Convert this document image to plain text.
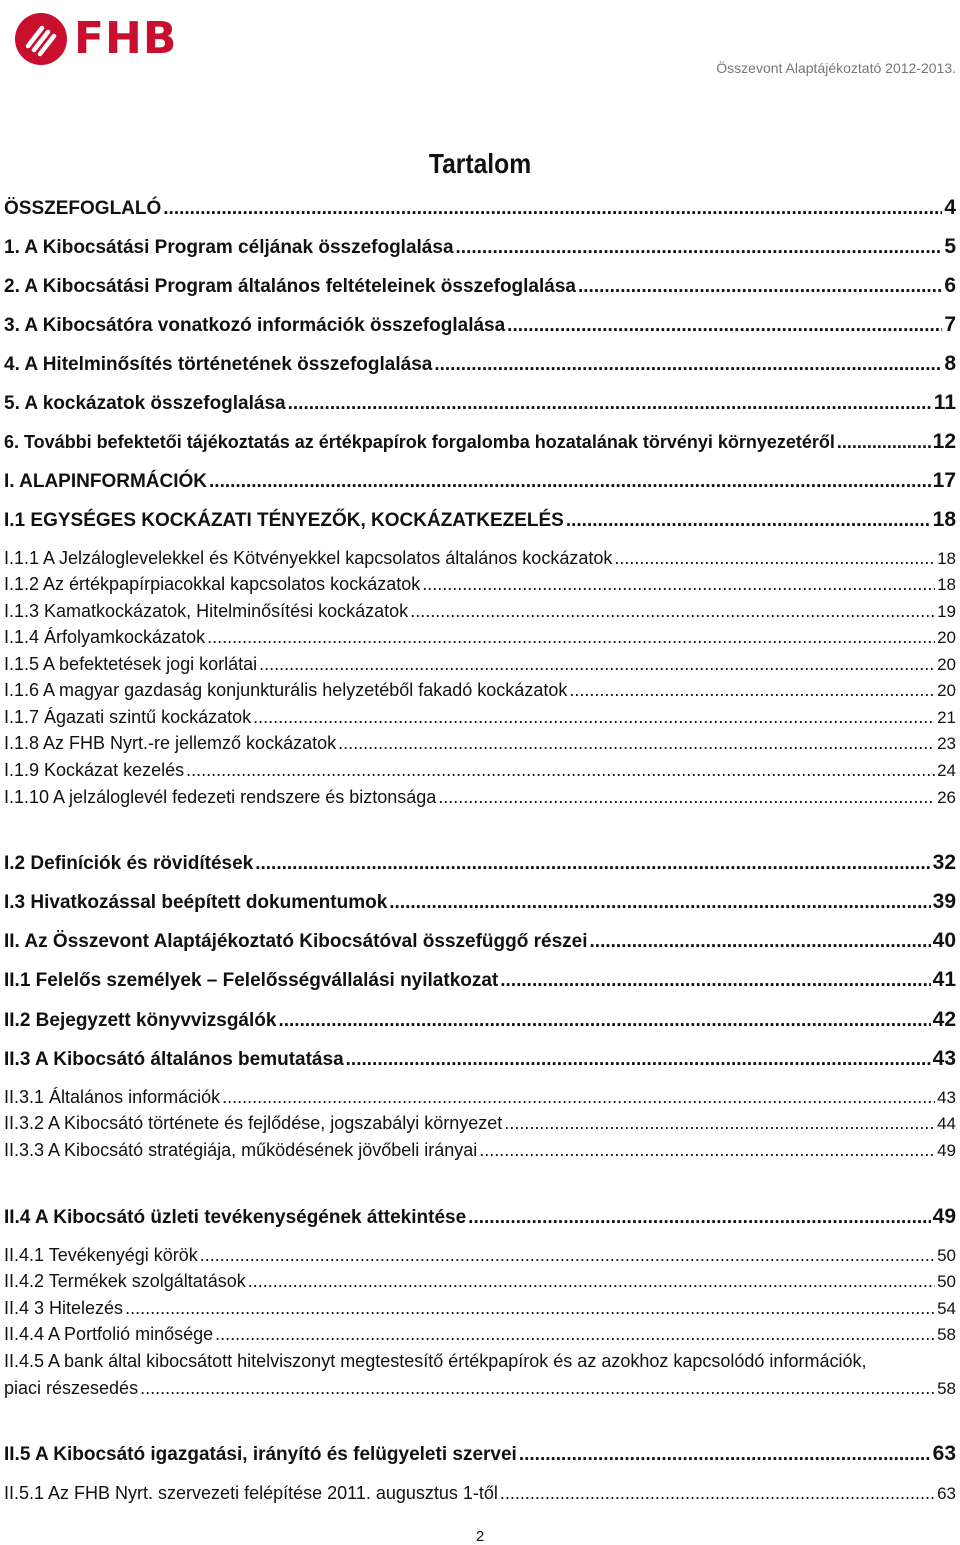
FHB
Összevont Alaptájékoztató 2012-2013.
Tartalom
ÖSSZEFOGLALÓ .....	4
1. A Kibocsátási Program céljának összefoglalása .....	5
2. A Kibocsátási Program általános feltételeinek összefoglalása .....	6
3. A Kibocsátóra vonatkozó információk összefoglalása .....	7
4. A Hitelminősítés történetének összefoglalása .....	8
5. A kockázatok összefoglalása .....	11
6. További befektetői tájékoztatás az értékpapírok forgalomba hozatalának törvényi környezetéről .....	12
I. ALAPINFORMÁCIÓK .....	17
I.1 EGYSÉGES KOCKÁZATI TÉNYEZŐK, KOCKÁZATKEZELÉS .....	18
I.1.1 A Jelzáloglevelekkel és Kötvényekkel kapcsolatos általános kockázatok .....	18
I.1.2 Az értékpapírpiacokkal kapcsolatos kockázatok .....	18
I.1.3 Kamatkockázatok, Hitelminősítési kockázatok .....	19
I.1.4 Árfolyamkockázatok .....	20
I.1.5 A befektetések jogi korlátai .....	20
I.1.6 A magyar gazdaság konjunkturális helyzetéből fakadó kockázatok .....	20
I.1.7 Ágazati szintű kockázatok .....	21
I.1.8 Az FHB Nyrt.-re jellemző kockázatok .....	23
I.1.9 Kockázat kezelés .....	24
I.1.10 A jelzáloglevél fedezeti rendszere és biztonsága .....	26
I.2 Definíciók és rövidítések .....	32
I.3 Hivatkozással beépített dokumentumok .....	39
II. Az Összevont Alaptájékoztató Kibocsátóval összefüggő részei .....	40
II.1 Felelős személyek – Felelősségvállalási nyilatkozat .....	41
II.2 Bejegyzett könyvvizsgálók .....	42
II.3 A Kibocsátó általános bemutatása .....	43
II.3.1 Általános információk .....	43
II.3.2 A Kibocsátó története és fejlődése, jogszabályi környezet .....	44
II.3.3 A Kibocsátó stratégiája, működésének jövőbeli irányai .....	49
II.4 A Kibocsátó üzleti tevékenységének áttekintése .....	49
II.4.1 Tevékenyégi körök .....	50
II.4.2 Termékek szolgáltatások .....	50
II.4 3 Hitelezés .....	54
II.4.4 A Portfolió minősége .....	58
II.4.5 A bank által kibocsátott hitelviszonyt megtestesítő értékpapírok és az azokhoz kapcsolódó információk,
piaci részesedés .....	58
II.5 A Kibocsátó igazgatási, irányító és felügyeleti szervei .....	63
II.5.1 Az FHB Nyrt. szervezeti felépítése 2011. augusztus 1-től .....	63
2
